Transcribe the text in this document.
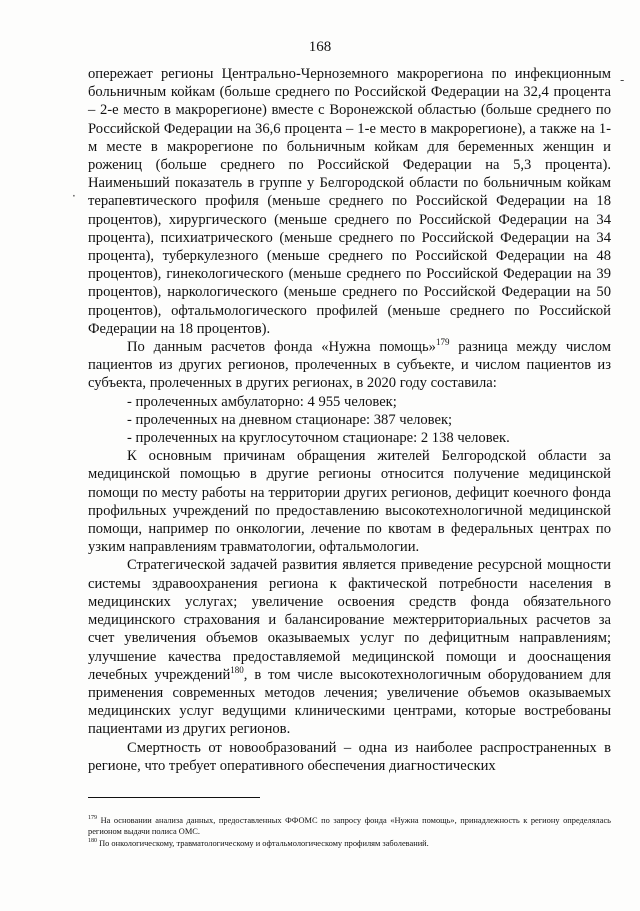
168
-
·

опережает регионы Центрально-Черноземного макрорегиона по инфекционным больничным койкам (больше среднего по Российской Федерации на 32,4 процента – 2-е место в макрорегионе) вместе с Воронежской областью (больше среднего по Российской Федерации на 36,6 процента – 1-е место в макрорегионе), а также на 1-м месте в макрорегионе по больничным койкам для беременных женщин и рожениц (больше среднего по Российской Федерации на 5,3 процента). Наименьший показатель в группе у Белгородской области по больничным койкам терапевтического профиля (меньше среднего по Российской Федерации на 18 процентов), хирургического (меньше среднего по Российской Федерации на 34 процента), психиатрического (меньше среднего по Российской Федерации на 34 процента), туберкулезного (меньше среднего по Российской Федерации на 48 процентов), гинекологического (меньше среднего по Российской Федерации на 39 процентов), наркологического (меньше среднего по Российской Федерации на 50 процентов), офтальмологического профилей (меньше среднего по Российской Федерации на 18 процентов).

По данным расчетов фонда «Нужна помощь»$^{179}$ разница между числом пациентов из других регионов, пролеченных в субъекте, и числом пациентов из субъекта, пролеченных в других регионах, в 2020 году составила:

- пролеченных амбулаторно: 4 955 человек;

- пролеченных на дневном стационаре: 387 человек;

- пролеченных на круглосуточном стационаре: 2 138 человек.

К основным причинам обращения жителей Белгородской области за медицинской помощью в другие регионы относится получение медицинской помощи по месту работы на территории других регионов, дефицит коечного фонда профильных учреждений по предоставлению высокотехнологичной медицинской помощи, например по онкологии, лечение по квотам в федеральных центрах по узким направлениям травматологии, офтальмологии.

Стратегической задачей развития является приведение ресурсной мощности системы здравоохранения региона к фактической потребности населения в медицинских услугах; увеличение освоения средств фонда обязательного медицинского страхования и балансирование межтерриториальных расчетов за счет увеличения объемов оказываемых услуг по дефицитным направлениям; улучшение качества предоставляемой медицинской помощи и дооснащения лечебных учреждений$^{180}$, в том числе высокотехнологичным оборудованием для применения современных методов лечения; увеличение объемов оказываемых медицинских услуг ведущими клиническими центрами, которые востребованы пациентами из других регионов.

Смертность от новообразований – одна из наиболее распространенных в регионе, что требует оперативного обеспечения диагностических

$^{179}$ На основании анализа данных, предоставленных ФФОМС по запросу фонда «Нужна помощь», принадлежность к региону определялась регионом выдачи полиса ОМС.

$^{180}$ По онкологическому, травматологическому и офтальмологическому профилям заболеваний.
